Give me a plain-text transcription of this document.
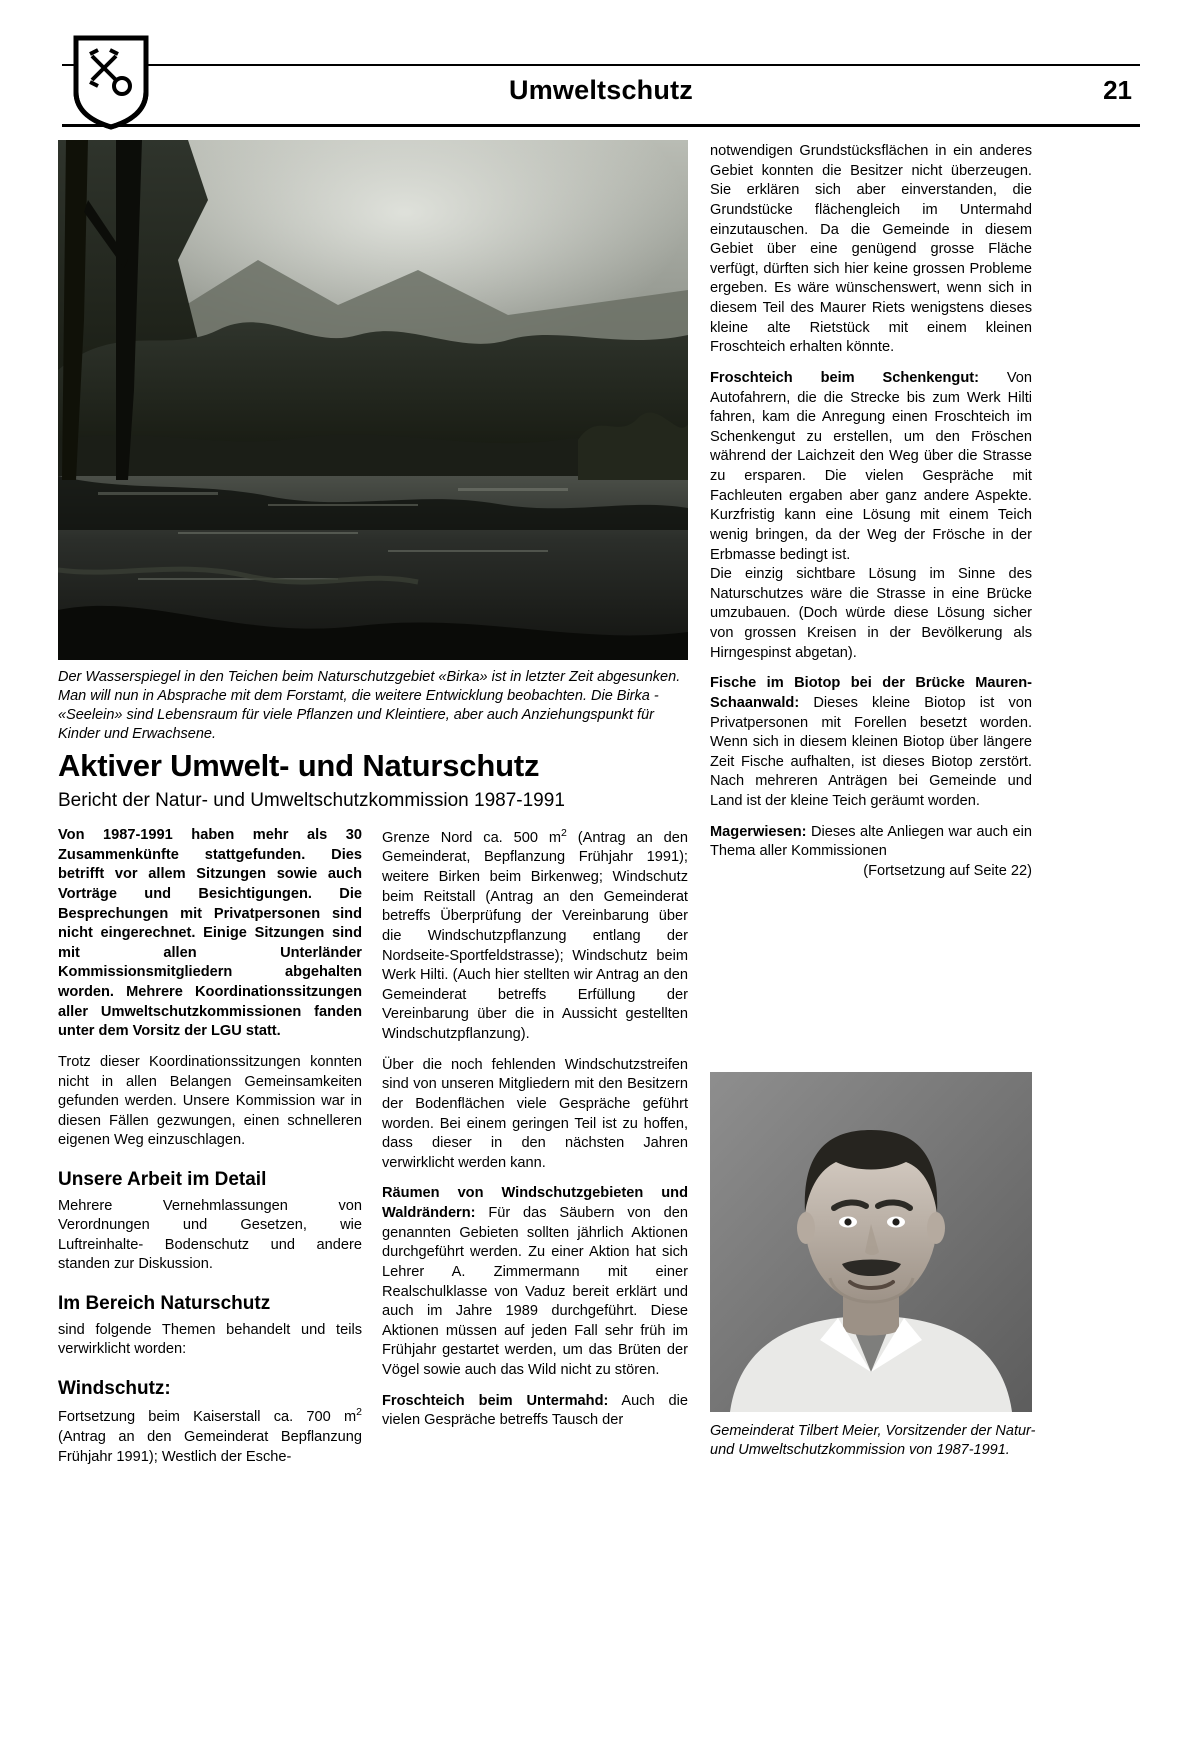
Umweltschutz	21
Der Wasserspiegel in den Teichen beim Naturschutzgebiet «Birka» ist in letzter Zeit abgesunken. Man will nun in Absprache mit dem Forstamt, die weitere Entwicklung beobachten. Die Birka - «Seelein» sind Lebensraum für viele Pflanzen und Kleintiere, aber auch Anziehungspunkt für Kinder und Erwachsene.
Aktiver Umwelt- und Naturschutz
Bericht der Natur- und Umweltschutzkommission 1987-1991

Von 1987-1991 haben mehr als 30 Zusammenkünfte stattgefunden. Dies betrifft vor allem Sitzungen sowie auch Vorträge und Besichtigungen. Die Besprechungen mit Privatpersonen sind nicht eingerechnet. Einige Sitzungen sind mit allen Unterländer Kommissionsmitgliedern abgehalten worden. Mehrere Koordinationssitzungen aller Umweltschutzkommissionen fanden unter dem Vorsitz der LGU statt.

Trotz dieser Koordinationssitzungen konnten nicht in allen Belangen Gemeinsamkeiten gefunden werden. Unsere Kommission war in diesen Fällen gezwungen, einen schnelleren eigenen Weg einzuschlagen.

Unsere Arbeit im Detail

Mehrere Vernehmlassungen von Verordnungen und Gesetzen, wie Luftreinhalte- Bodenschutz und andere standen zur Diskussion.

Im Bereich Naturschutz

sind folgende Themen behandelt und teils verwirklicht worden:

Windschutz:

Fortsetzung beim Kaiserstall ca. 700 $m^2$ (Antrag an den Gemeinderat Bepflanzung Frühjahr 1991); Westlich der Esche-

Grenze Nord ca. 500 $m^2$ (Antrag an den Gemeinderat, Bepflanzung Frühjahr 1991); weitere Birken beim Birkenweg; Windschutz beim Reitstall (Antrag an den Gemeinderat betreffs Überprüfung der Vereinbarung über die Windschutzpflanzung entlang der Nordseite-Sportfeldstrasse); Windschutz beim Werk Hilti. (Auch hier stellten wir Antrag an den Gemeinderat betreffs Erfüllung der Vereinbarung über die in Aussicht gestellten Windschutzpflanzung).

Über die noch fehlenden Windschutzstreifen sind von unseren Mitgliedern mit den Besitzern der Bodenflächen viele Gespräche geführt worden. Bei einem geringen Teil ist zu hoffen, dass dieser in den nächsten Jahren verwirklicht werden kann.

Räumen von Windschutzgebieten und Waldrändern: Für das Säubern von den genannten Gebieten sollten jährlich Aktionen durchgeführt werden. Zu einer Aktion hat sich Lehrer A. Zimmermann mit einer Realschulklasse von Vaduz bereit erklärt und auch im Jahre 1989 durchgeführt. Diese Aktionen müssen auf jeden Fall sehr früh im Frühjahr gestartet werden, um das Brüten der Vögel sowie auch das Wild nicht zu stören.

Froschteich beim Untermahd: Auch die vielen Gespräche betreffs Tausch der

notwendigen Grundstücksflächen in ein anderes Gebiet konnten die Besitzer nicht überzeugen. Sie erklären sich aber einverstanden, die Grundstücke flächengleich im Untermahd einzutauschen. Da die Gemeinde in diesem Gebiet über eine genügend grosse Fläche verfügt, dürften sich hier keine grossen Probleme ergeben. Es wäre wünschenswert, wenn sich in diesem Teil des Maurer Riets wenigstens dieses kleine alte Rietstück mit einem kleinen Froschteich erhalten könnte.

Froschteich beim Schenkengut: Von Autofahrern, die die Strecke bis zum Werk Hilti fahren, kam die Anregung einen Froschteich im Schenkengut zu erstellen, um den Fröschen während der Laichzeit den Weg über die Strasse zu ersparen. Die vielen Gespräche mit Fachleuten ergaben aber ganz andere Aspekte. Kurzfristig kann eine Lösung mit einem Teich wenig bringen, da der Weg der Frösche in der Erbmasse bedingt ist.

Die einzig sichtbare Lösung im Sinne des Naturschutzes wäre die Strasse in eine Brücke umzubauen. (Doch würde diese Lösung sicher von grossen Kreisen in der Bevölkerung als Hirngespinst abgetan).

Fische im Biotop bei der Brücke Mauren-Schaanwald: Dieses kleine Biotop ist von Privatpersonen mit Forellen besetzt worden. Wenn sich in diesem kleinen Biotop über längere Zeit Fische aufhalten, ist dieses Biotop zerstört. Nach mehreren Anträgen bei Gemeinde und Land ist der kleine Teich geräumt worden.

Magerwiesen: Dieses alte Anliegen war auch ein Thema aller Kommissionen

(Fortsetzung auf Seite 22)

Gemeinderat Tilbert Meier, Vorsitzender der Natur- und Umweltschutzkommission von 1987-1991.
